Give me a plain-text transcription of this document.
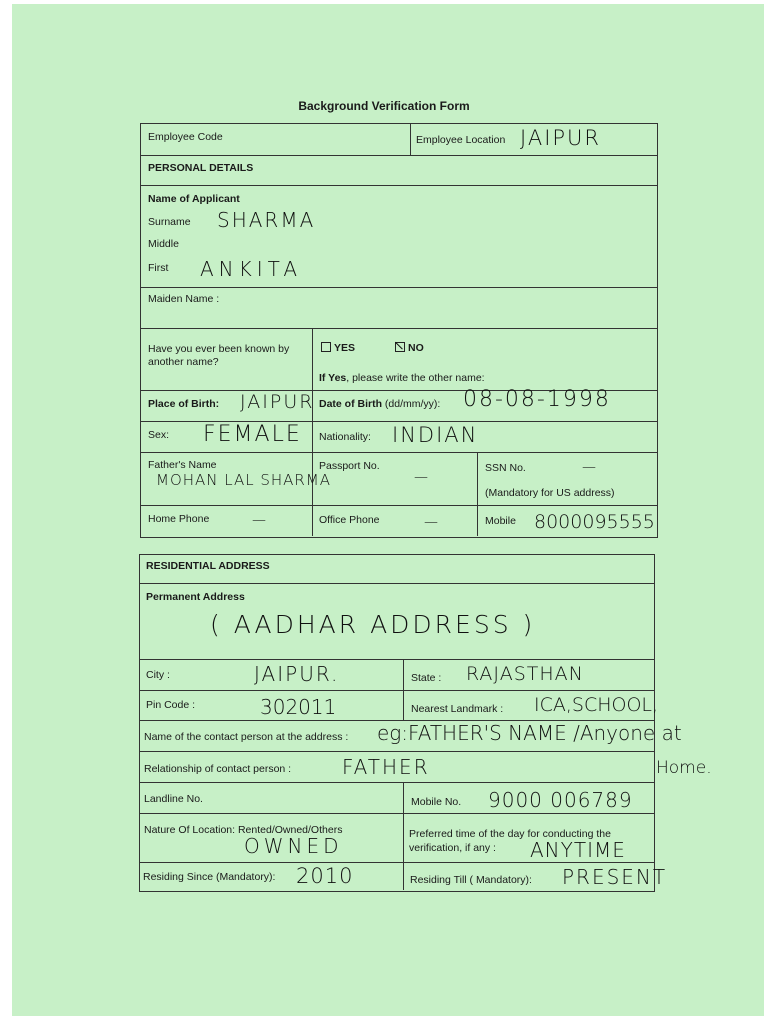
Background Verification Form
Employee Code	Employee Location JAIPUR
PERSONAL DETAILS
Name of Applicant
Surname SHARMA
Middle
First ANKITA
Maiden Name :
Have you ever been known by
another name?
YES	NO
If Yes, please write the other name:
Place of Birth: JAIPUR Date of Birth (dd/mm/yy): 08-08-1998
Sex: FEMALE Nationality: INDIAN
Father's Name
MOHAN LAL SHARMA
Passport No.
—
SSN No.	—
(Mandatory for US address)
Home Phone	—	Office Phone	—	Mobile 8000095555
RESIDENTIAL ADDRESS
Permanent Address
( AADHAR ADDRESS )
City :	JAIPUR.	State : RAJASTHAN
Pin Code :	302011	Nearest Landmark : ICA,SCHOOL,
Name of the contact person at the address : eg:FATHER'S NAME /Anyone at
Home.
Relationship of contact person :	FATHER
Landline No.	Mobile No. 9000 006789
Nature Of Location: Rented/Owned/Others
OWNED	Preferred time of the day for conducting the
verification, if any : ANYTIME
Residing Since (Mandatory): 2010	Residing Till ( Mandatory): PRESENT
